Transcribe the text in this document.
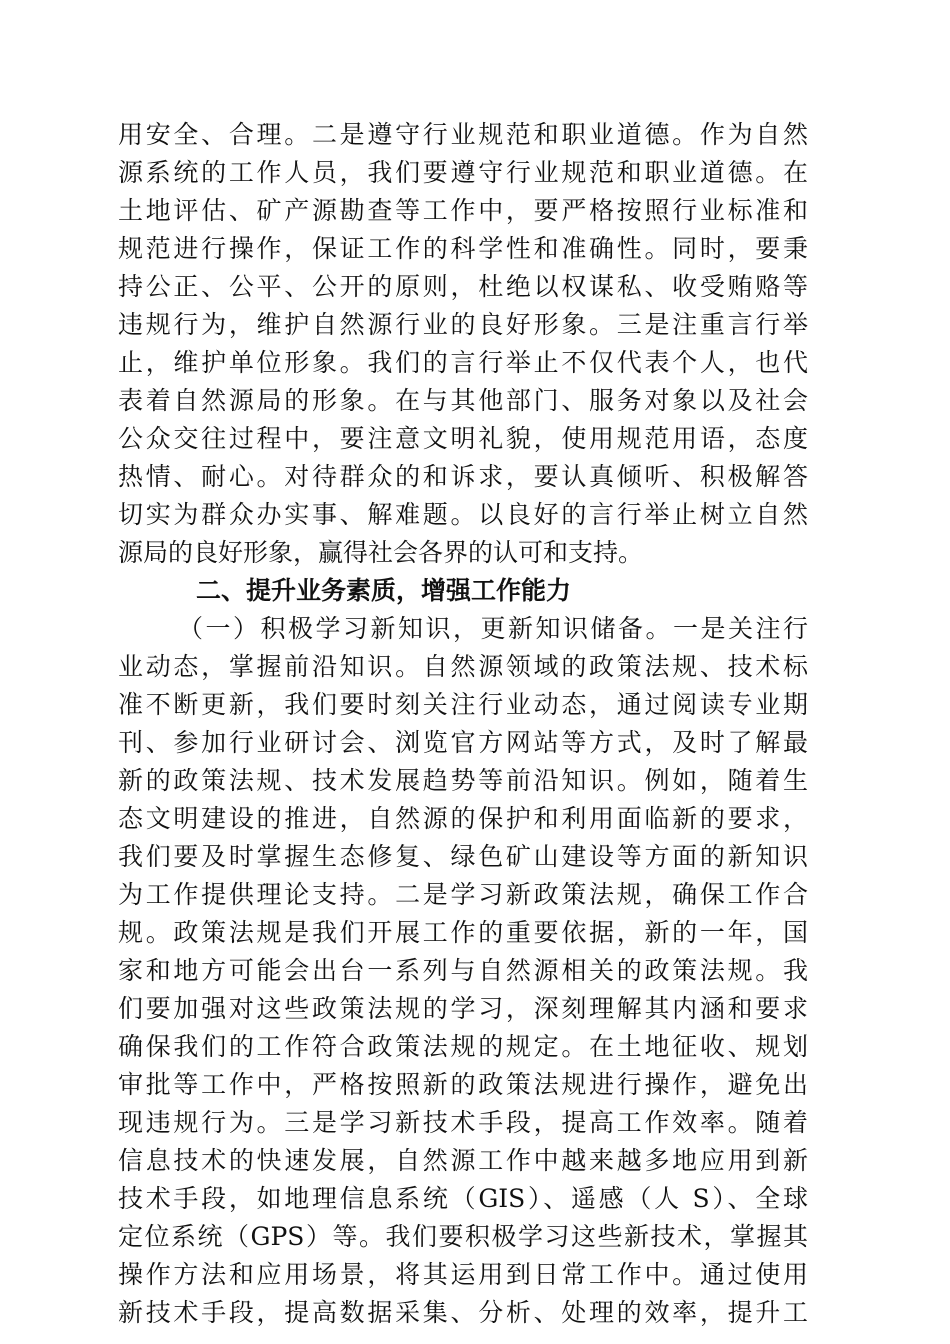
用安全、合理。二是遵守行业规范和职业道德。作为自然
源系统的工作人员，我们要遵守行业规范和职业道德。在
土地评估、矿产源勘查等工作中，要严格按照行业标准和
规范进行操作，保证工作的科学性和准确性。同时，要秉
持公正、公平、公开的原则，杜绝以权谋私、收受贿赂等
违规行为，维护自然源行业的良好形象。三是注重言行举
止，维护单位形象。我们的言行举止不仅代表个人，也代
表着自然源局的形象。在与其他部门、服务对象以及社会
公众交往过程中，要注意文明礼貌，使用规范用语，态度
热情、耐心。对待群众的和诉求，要认真倾听、积极解答
切实为群众办实事、解难题。以良好的言行举止树立自然
源局的良好形象，赢得社会各界的认可和支持。
二、提升业务素质，增强工作能力
（一）积极学习新知识，更新知识储备。一是关注行
业动态，掌握前沿知识。自然源领域的政策法规、技术标
准不断更新，我们要时刻关注行业动态，通过阅读专业期
刊、参加行业研讨会、浏览官方网站等方式，及时了解最
新的政策法规、技术发展趋势等前沿知识。例如，随着生
态文明建设的推进，自然源的保护和利用面临新的要求，
我们要及时掌握生态修复、绿色矿山建设等方面的新知识
为工作提供理论支持。二是学习新政策法规，确保工作合
规。政策法规是我们开展工作的重要依据，新的一年，国
家和地方可能会出台一系列与自然源相关的政策法规。我
们要加强对这些政策法规的学习，深刻理解其内涵和要求
确保我们的工作符合政策法规的规定。在土地征收、规划
审批等工作中，严格按照新的政策法规进行操作，避免出
现违规行为。三是学习新技术手段，提高工作效率。随着
信息技术的快速发展，自然源工作中越来越多地应用到新
技术手段，如地理信息系统（GIS）、遥感（人 S）、全球
定位系统（GPS）等。我们要积极学习这些新技术，掌握其
操作方法和应用场景，将其运用到日常工作中。通过使用
新技术手段，提高数据采集、分析、处理的效率，提升工
